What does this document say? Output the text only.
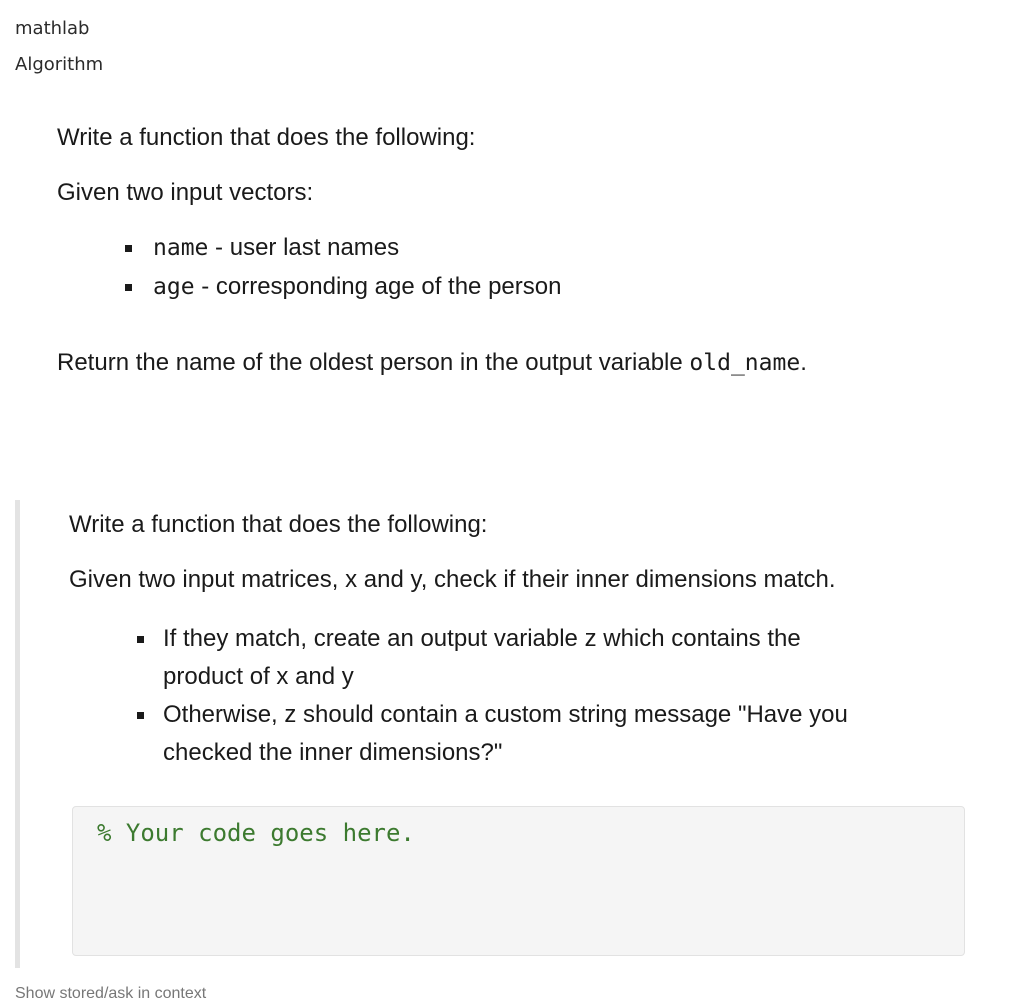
mathlab
Algorithm

Write a function that does the following:

Given two input vectors:

name - user last names
age - corresponding age of the person

Return the name of the oldest person in the output variable old_name.

Write a function that does the following:

Given two input matrices, x and y, check if their inner dimensions match.

If they match, create an output variable z which contains the product of x and y
Otherwise, z should contain a custom string message "Have you checked the inner dimensions?"
% Your code goes here.
Show stored/ask in context
